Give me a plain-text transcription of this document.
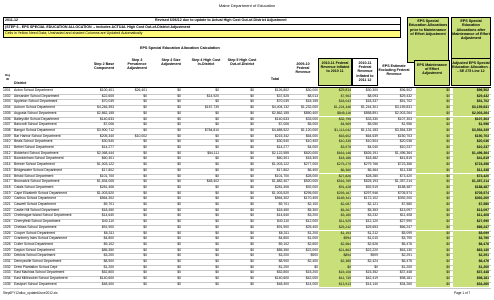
Maine Department of Education
2011-12	Revised 6/06/12 due to update to Actual High Cost Out-of-District Adjustment
(STEP 6 - EPS SPECIAL EDUCATION ALLOCATION -- includes ACTUAL High Cost Out-of-District Adjustment
Cells in Yellow Need Data; Unshaded and shaded Columns are Updated Automatically
EPS Special Education Allocations prior to Maintenance of Effort Adjustment
EPS Special Education Allocations after Maintenance of Effort Adjustment
EPS Special Education Allocation Calculation
Org ID
District
Step 2 Base Component
Step 3 Prevalence Adjustment
Step 4 Size Adjustment
Step 4 High Cost In-District
Step 5 High Cost Out-of-District
Total
2009-10 Federal Revenue
2010-11 Federal Revenue Inflated to 2010 11
2010-11 Federal Revenue Inflated to 2011 12
EPS Estimate Excluding Federal Revenue
EPS Maintenance of Effort Adjustment
Adjusted EPS Special Education Allocation -- SE 275 Line 12
1001	Acton School Department	$100,401	$26,401	$0	$0	$0	$126,802	$30,000	$29,814	$30,300	$96,502	$0	$96,502
1002	Alexander School Department	$22,605	$0	$0	$14,920	$0	$37,525	$8,013	$7,963	$8,093	$29,432	$0	$29,432
1003	Appleton School Department	$70,039	$0	$0	$0	$0	$70,039	$18,155	$18,043	$18,337	$51,702	$0	$51,702
1004	Auburn School Department	$4,246,393	$0	$0	$157,739	$0	$4,404,132	$1,232,000	$1,224,346	$1,244,301	$3,159,831	$0	$3,159,831
1005	Augusta School Department	$2,862,155	$0	$0	$0	$0	$2,862,155	$850,400	$845,116	$858,891	$2,003,264	$0	$2,003,264
1006	Baileyville School Department	$140,633	$0	$0	$0	$0	$140,633	$33,000	$32,795	$33,330	$107,303	$0	$107,303
1007	Bancroft School Department	$7,006	$0	$0	$0	$0	$7,006	$5,000	$4,969	$5,050	$1,956	$0	$1,956
1008	Bangor School Department	$3,900,712	$0	$0	$784,810	$0	$4,685,522	$1,120,000	$1,113,042	$1,131,183	$3,554,339	$0	$3,554,339
1009	Bar Harbor School Department	$205,340	$10,002	$0	$0	$0	$215,342	$64,000	$63,602	$64,639	$150,703	$0	$150,703
1010	Beals School Department	$30,540	$0	$0	$0	$0	$30,540	$10,400	$10,335	$10,504	$20,036	$0	$20,036
1011	Bethel School Department	$14,277	$0	$0	$0	$0	$14,277	$4,000	$3,975	$4,040	$10,237	$0	$10,237
1012	Biddeford School Department	$2,068,444	$0	$0	$54,111	$0	$2,122,555	$620,000	$616,148	$626,191	$1,496,364	$0	$1,496,364
1013	Bowdoinham School Department	$60,301	$0	$0	$0	$0	$60,301	$18,300	$18,186	$18,482	$41,819	$0	$41,819
1014	Brewer School Department	$1,003,122	$0	$0	$0	$0	$1,003,122	$277,000	$275,279	$279,766	$723,356	$0	$723,356
1015	Bridgewater School Department	$17,802	$0	$0	$0	$0	$17,802	$6,400	$6,360	$6,464	$11,338	$0	$11,338
1016	Bristol School Department	$101,700	$0	$0	$0	$0	$101,700	$28,000	$27,826	$28,280	$73,420	$0	$73,420
1017	Brunswick School Department	$1,834,005	$0	$0	$48,402	$0	$1,882,407	$520,000	$516,769	$525,193	$1,357,214	$0	$1,357,214
1018	Calais School Department	$281,406	$0	$0	$0	$0	$281,406	$92,000	$91,428	$92,919	$188,487	$0	$188,487
1019	Cape Elizabeth School Department	$1,003,520	$0	$0	$0	$0	$1,003,520	$295,000	$293,167	$297,946	$705,574	$0	$705,574
1020	Caribou School Department	$564,302	$0	$0	$0	$0	$564,302	$170,400	$169,341	$172,102	$392,200	$0	$392,200
1021	Caswell School Department	$9,701	$0	$0	$0	$0	$9,701	$2,100	$2,087	$2,121	$7,580	$0	$7,580
1022	Castle Hill School Department	$18,450	$0	$0	$0	$0	$18,450	$5,300	$5,267	$5,353	$13,097	$0	$13,097
1023	Chebeague Island School Department	$14,640	$0	$0	$0	$0	$14,640	$3,200	$3,180	$3,232	$11,408	$0	$11,408
1024	Cherryfield School Department	$40,110	$0	$0	$0	$0	$40,110	$12,000	$11,925	$12,120	$27,990	$0	$27,990
1025	Chelsea School Department	$91,900	$0	$0	$0	$0	$91,900	$25,400	$25,242	$25,653	$66,247	$0	$66,247
1026	Cooper School Department	$6,311	$0	$0	$0	$0	$6,311	$1,200	$1,193	$1,212	$5,099	$0	$5,099
1027	Cranberry Isles School Department	$4,800	$0	$0	$0	$0	$4,800	$1,000	$994	$1,010	$3,790	$0	$3,790
1028	Cutler School Department	$9,102	$0	$0	$0	$0	$9,102	$2,600	$2,584	$2,626	$6,476	$0	$6,476
1029	Dayton School Department	$85,350	$0	$0	$0	$0	$85,350	$22,000	$21,863	$22,220	$63,130	$0	$63,130
1030	Deblois School Department	$3,200	$0	$0	$0	$0	$3,200	$900	$894	$909	$2,291	$0	$2,291
1031	Dennysville School Department	$8,900	$0	$0	$0	$0	$8,900	$2,400	$2,385	$2,424	$6,476	$0	$6,476
1032	Drew Plantation School Dept	$1,200	$0	$0	$0	$0	$1,200	$0	$0	$0	$1,200	$0	$1,200
1033	East Machias School Department	$52,800	$0	$0	$0	$0	$52,800	$15,200	$15,106	$15,352	$37,448	$0	$37,448
1034	East Millinocket School Department	$140,600	$0	$0	$0	$0	$140,600	$42,000	$41,739	$42,419	$98,181	$0	$98,181
1035	Eastport School Department	$48,400	$0	$0	$0	$0	$48,400	$14,000	$13,913	$14,140	$34,260	$0	$34,260
Step6FY12alloc_update6June2012.xls	Page 1 of 7
